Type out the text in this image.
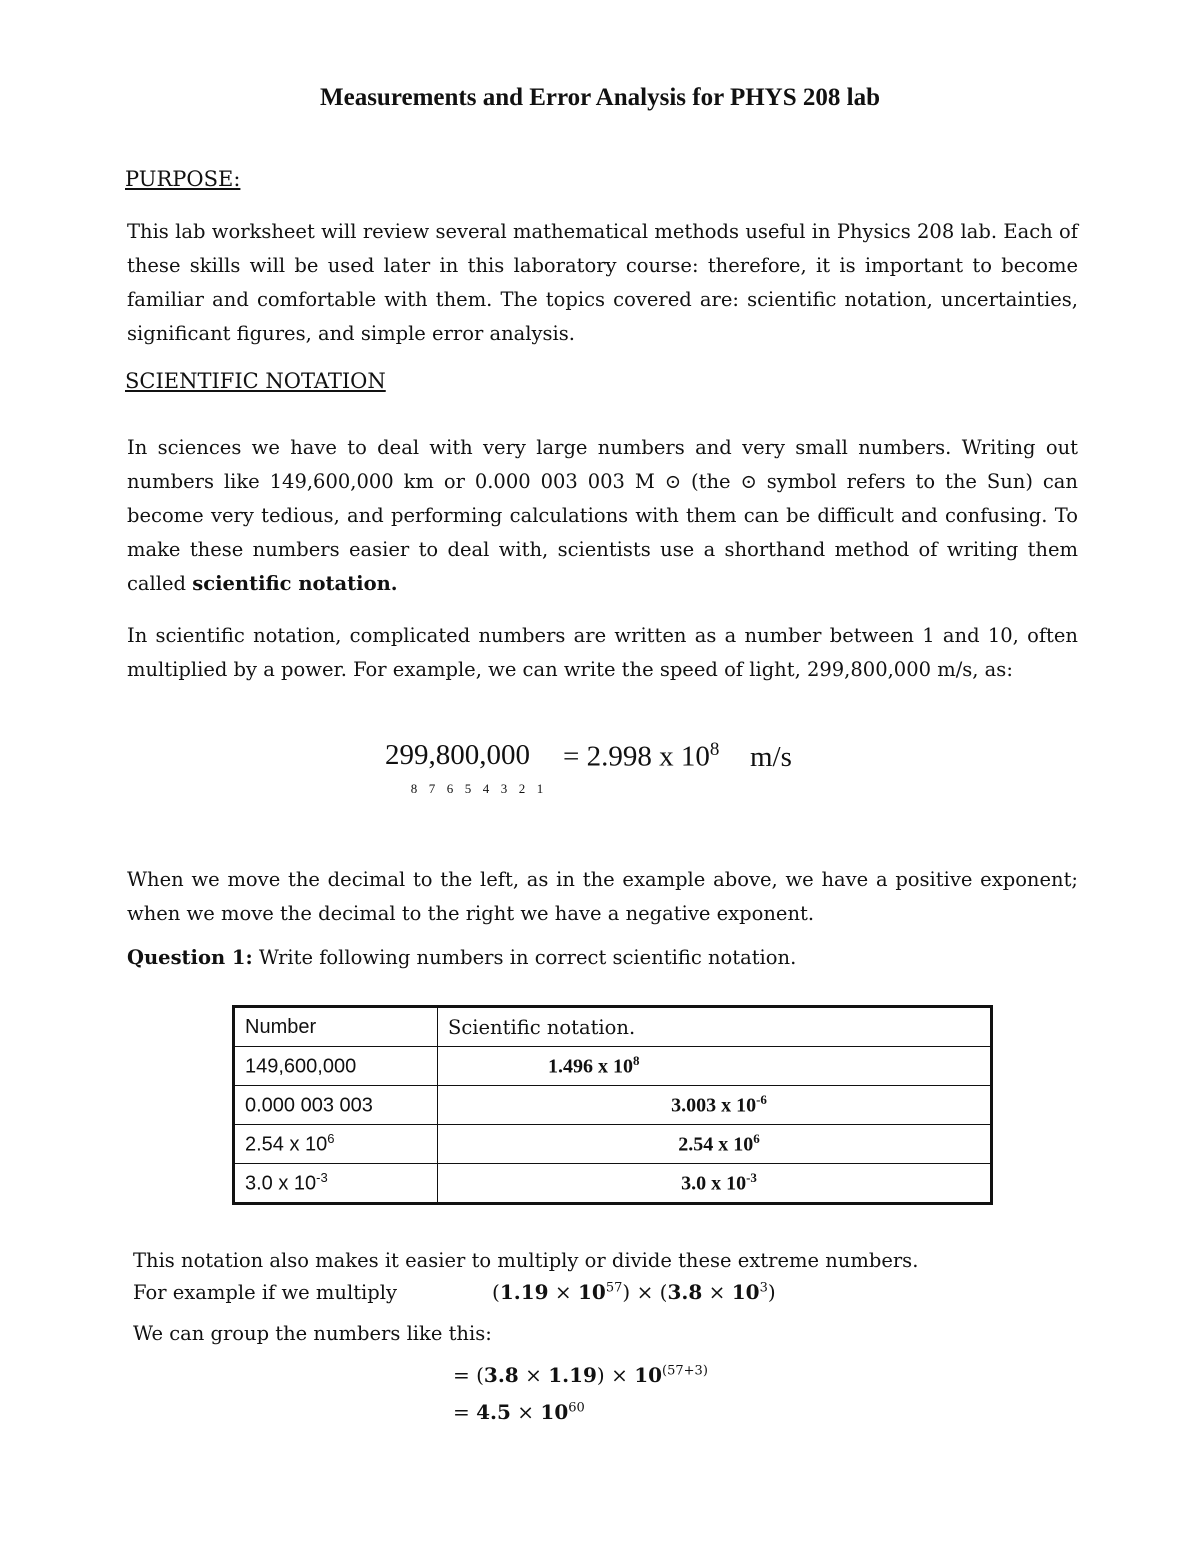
Measurements and Error Analysis for PHYS 208 lab
PURPOSE:

This lab worksheet will review several mathematical methods useful in Physics 208 lab. Each of these skills will be used later in this laboratory course: therefore, it is important to become familiar and comfortable with them. The topics covered are: scientific notation, uncertainties, significant figures, and simple error analysis.

SCIENTIFIC NOTATION

In sciences we have to deal with very large numbers and very small numbers. Writing out numbers like 149,600,000 km or 0.000 003 003 M ⊙ (the ⊙ symbol refers to the Sun) can become very tedious, and performing calculations with them can be difficult and confusing. To make these numbers easier to deal with, scientists use a shorthand method of writing them called scientific notation.

In scientific notation, complicated numbers are written as a number between 1 and 10, often multiplied by a power. For example, we can write the speed of light, 299,800,000 m/s, as:

299,800,000 = 2.998 x $10^8$ m/s
8 7 6 5 4 3 2 1

When we move the decimal to the left, as in the example above, we have a positive exponent; when we move the decimal to the right we have a negative exponent.

Question 1: Write following numbers in correct scientific notation.
Number	Scientific notation.
149,600,000	1.496 x $10^8$
0.000 003 003	3.003 x $10^{-6}$
2.54 x $10^6$	2.54 x $10^6$
3.0 x $10^{-3}$	3.0 x $10^{-3}$
This notation also makes it easier to multiply or divide these extreme numbers.
For example if we multiply	$(1.19 \times 10^{57}) \times (3.8 \times 10^3)$
We can group the numbers like this:
= $(3.8 \times 1.19) \times 10^{(57+3)}$
= $4.5 \times 10^{60}$
